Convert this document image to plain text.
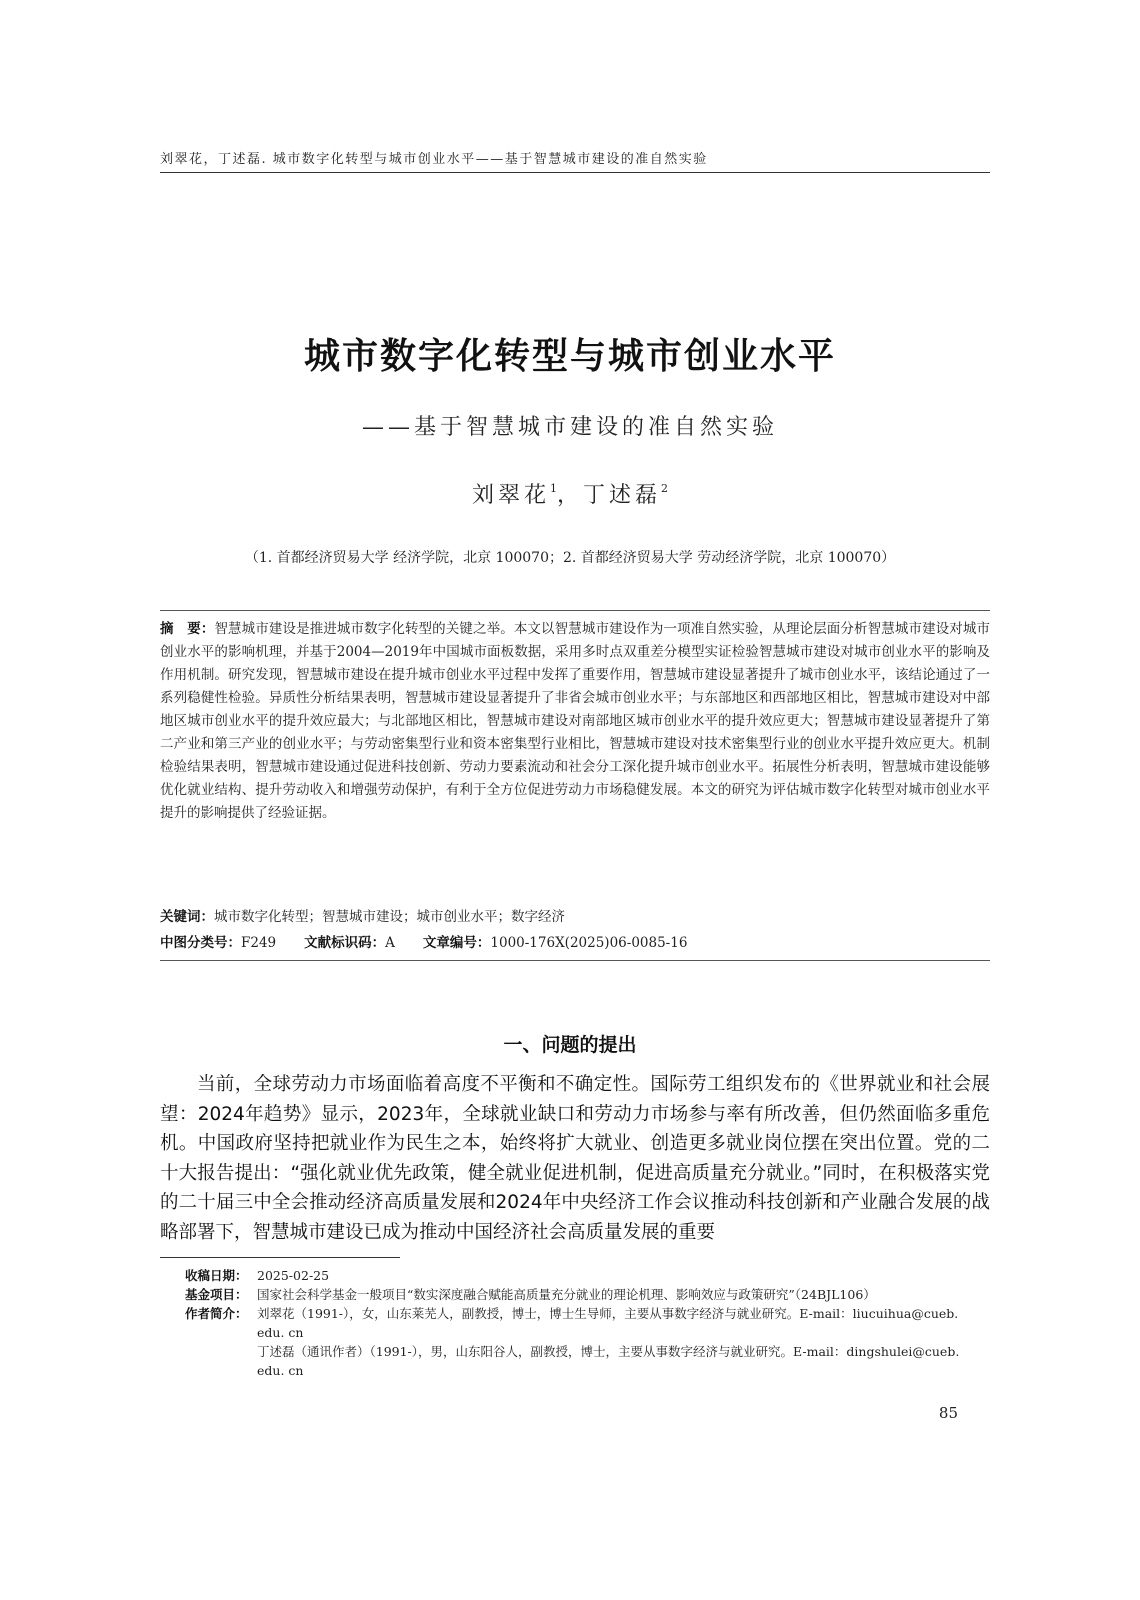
刘翠花，丁述磊. 城市数字化转型与城市创业水平——基于智慧城市建设的准自然实验
城市数字化转型与城市创业水平
——基于智慧城市建设的准自然实验
刘翠花$^1$，丁述磊$^2$
（1. 首都经济贸易大学 经济学院，北京 100070；2. 首都经济贸易大学 劳动经济学院，北京 100070）
摘　要：智慧城市建设是推进城市数字化转型的关键之举。本文以智慧城市建设作为一项准自然实验，从理论层面分析智慧城市建设对城市创业水平的影响机理，并基于2004—2019年中国城市面板数据，采用多时点双重差分模型实证检验智慧城市建设对城市创业水平的影响及作用机制。研究发现，智慧城市建设在提升城市创业水平过程中发挥了重要作用，智慧城市建设显著提升了城市创业水平，该结论通过了一系列稳健性检验。异质性分析结果表明，智慧城市建设显著提升了非省会城市创业水平；与东部地区和西部地区相比，智慧城市建设对中部地区城市创业水平的提升效应最大；与北部地区相比，智慧城市建设对南部地区城市创业水平的提升效应更大；智慧城市建设显著提升了第二产业和第三产业的创业水平；与劳动密集型行业和资本密集型行业相比，智慧城市建设对技术密集型行业的创业水平提升效应更大。机制检验结果表明，智慧城市建设通过促进科技创新、劳动力要素流动和社会分工深化提升城市创业水平。拓展性分析表明，智慧城市建设能够优化就业结构、提升劳动收入和增强劳动保护，有利于全方位促进劳动力市场稳健发展。本文的研究为评估城市数字化转型对城市创业水平提升的影响提供了经验证据。
关键词：城市数字化转型；智慧城市建设；城市创业水平；数字经济
中图分类号：F249 文献标识码：A 文章编号：1000-176X(2025)06-0085-16
一、问题的提出
当前，全球劳动力市场面临着高度不平衡和不确定性。国际劳工组织发布的《世界就业和社会展望：2024年趋势》显示，2023年，全球就业缺口和劳动力市场参与率有所改善，但仍然面临多重危机。中国政府坚持把就业作为民生之本，始终将扩大就业、创造更多就业岗位摆在突出位置。党的二十大报告提出：“强化就业优先政策，健全就业促进机制，促进高质量充分就业。”同时，在积极落实党的二十届三中全会推动经济高质量发展和2024年中央经济工作会议推动科技创新和产业融合发展的战略部署下，智慧城市建设已成为推动中国经济社会高质量发展的重要
收稿日期： 2025-02-25
基金项目： 国家社会科学基金一般项目“数实深度融合赋能高质量充分就业的理论机理、影响效应与政策研究”（24BJL106）
作者简介： 刘翠花（1991-），女，山东莱芜人，副教授，博士，博士生导师，主要从事数字经济与就业研究。E-mail：liucuihua@cueb. edu. cn
丁述磊（通讯作者）（1991-），男，山东阳谷人，副教授，博士，主要从事数字经济与就业研究。E-mail：dingshulei@cueb. edu. cn
85
